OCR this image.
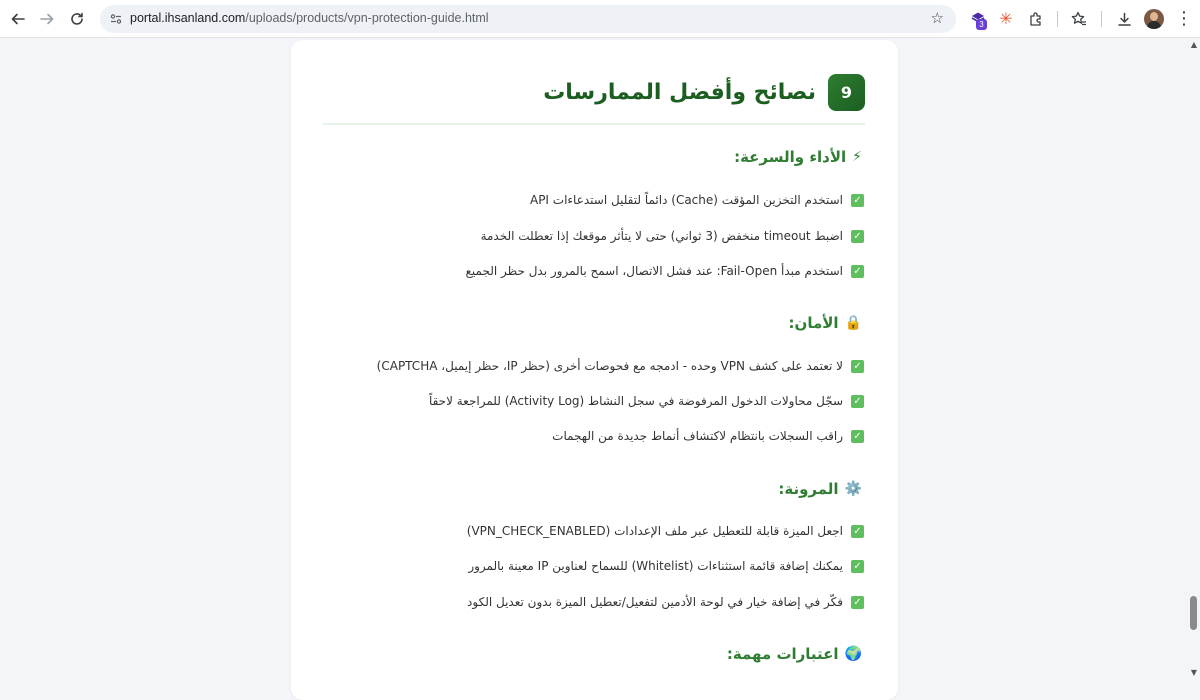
portal.ihsanland.com/uploads/products/vpn-protection-guide.html	☆	3 ✳	⋮
9
نصائح وأفضل الممارسات
⚡
الأداء والسرعة:
✓
استخدم التخزين المؤقت (Cache) دائماً لتقليل استدعاءات API
✓
اضبط timeout منخفض (3 ثواني) حتى لا يتأثر موقعك إذا تعطلت الخدمة
✓
استخدم مبدأ Fail-Open: عند فشل الاتصال، اسمح بالمرور بدل حظر الجميع
🔒
الأمان:
✓
لا تعتمد على كشف VPN وحده - ادمجه مع فحوصات أخرى (حظر IP، حظر إيميل، CAPTCHA)
✓
سجّل محاولات الدخول المرفوضة في سجل النشاط (Activity Log) للمراجعة لاحقاً
✓
راقب السجلات بانتظام لاكتشاف أنماط جديدة من الهجمات
⚙️
المرونة:
✓
اجعل الميزة قابلة للتعطيل عبر ملف الإعدادات (VPN_CHECK_ENABLED)
✓
يمكنك إضافة قائمة استثناءات (Whitelist) للسماح لعناوين IP معينة بالمرور
✓
فكّر في إضافة خيار في لوحة الأدمين لتفعيل/تعطيل الميزة بدون تعديل الكود
🌍
اعتبارات مهمة:
▲
▼
